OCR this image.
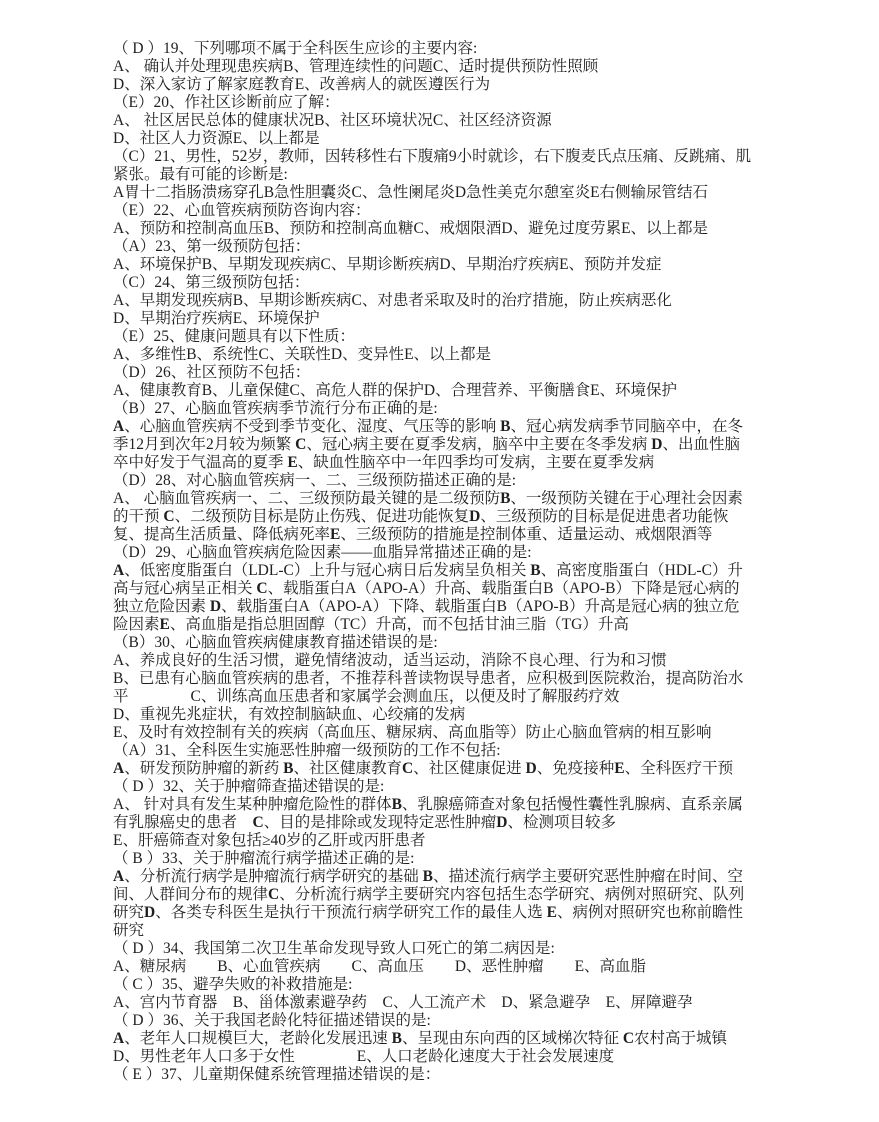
（ D ）19、下列哪项不属于全科医生应诊的主要内容:
A、 确认并处理现患疾病B、管理连续性的问题C、适时提供预防性照顾
D、深入家访了解家庭教育E、改善病人的就医遵医行为
（E）20、作社区诊断前应了解：
A、 社区居民总体的健康状况B、社区环境状况C、社区经济资源
D、社区人力资源E、以上都是
（C）21、男性，52岁，教师，因转移性右下腹痛9小时就诊，右下腹麦氏点压痛、反跳痛、肌
紧张。最有可能的诊断是:
A胃十二指肠溃疡穿孔B急性胆囊炎C、急性阑尾炎D急性美克尔憩室炎E右侧输尿管结石
（E）22、心血管疾病预防咨询内容：
A、预防和控制高血压B、预防和控制高血糖C、戒烟限酒D、避免过度劳累E、以上都是
（A）23、第一级预防包括：
A、环境保护B、早期发现疾病C、早期诊断疾病D、早期治疗疾病E、预防并发症
（C）24、第三级预防包括：
A、早期发现疾病B、早期诊断疾病C、对患者采取及时的治疗措施，防止疾病恶化
D、早期治疗疾病E、环境保护
（E）25、健康问题具有以下性质：
A、多维性B、系统性C、关联性D、变异性E、以上都是
（D）26、社区预防不包括：
A、健康教育B、儿童保健C、高危人群的保护D、合理营养、平衡膳食E、环境保护
（B）27、心脑血管疾病季节流行分布正确的是:
A、心脑血管疾病不受到季节变化、湿度、气压等的影响 B、冠心病发病季节同脑卒中，在冬
季12月到次年2月较为频繁 C、冠心病主要在夏季发病，脑卒中主要在冬季发病 D、出血性脑
卒中好发于气温高的夏季 E、缺血性脑卒中一年四季均可发病，主要在夏季发病
（D）28、对心脑血管疾病一、二、三级预防描述正确的是:
A、 心脑血管疾病一、二、三级预防最关键的是二级预防B、一级预防关键在于心理社会因素
的干预 C、二级预防目标是防止伤残、促进功能恢复D、三级预防的目标是促进患者功能恢
复、提高生活质量、降低病死率E、三级预防的措施是控制体重、适量运动、戒烟限酒等
（D）29、心脑血管疾病危险因素——血脂异常描述正确的是:
A、低密度脂蛋白（LDL-C）上升与冠心病日后发病呈负相关 B、高密度脂蛋白（HDL-C）升
高与冠心病呈正相关 C、载脂蛋白A（APO-A）升高、载脂蛋白B（APO-B）下降是冠心病的
独立危险因素 D、载脂蛋白A（APO-A）下降、载脂蛋白B（APO-B）升高是冠心病的独立危
险因素E、高血脂是指总胆固醇（TC）升高，而不包括甘油三脂（TG）升高
（B）30、心脑血管疾病健康教育描述错误的是:
A、养成良好的生活习惯，避免情绪波动，适当运动，消除不良心理、行为和习惯
B、已患有心脑血管疾病的患者，不推荐科普读物误导患者，应积极到医院救治，提高防治水
平　　　　C、训练高血压患者和家属学会测血压，以便及时了解服药疗效
D、重视先兆症状，有效控制脑缺血、心绞痛的发病
E、及时有效控制有关的疾病（高血压、糖尿病、高血脂等）防止心脑血管病的相互影响
（A）31、全科医生实施恶性肿瘤一级预防的工作不包括:
A、研发预防肿瘤的新药 B、社区健康教育C、社区健康促进 D、免疫接种E、全科医疗干预
（ D ）32、关于肿瘤筛查描述错误的是:
A、 针对具有发生某种肿瘤危险性的群体B、乳腺癌筛查对象包括慢性囊性乳腺病、直系亲属
有乳腺癌史的患者　C、目的是排除或发现特定恶性肿瘤D、检测项目较多
E、肝癌筛查对象包括≥40岁的乙肝或丙肝患者
（ B ）33、关于肿瘤流行病学描述正确的是:
A、分析流行病学是肿瘤流行病学研究的基础 B、描述流行病学主要研究恶性肿瘤在时间、空
间、人群间分布的规律C、分析流行病学主要研究内容包括生态学研究、病例对照研究、队列
研究D、各类专科医生是执行干预流行病学研究工作的最佳人选 E、病例对照研究也称前瞻性
研究
（ D ）34、我国第二次卫生革命发现导致人口死亡的第二病因是:
A、糖尿病　　B、心血管疾病　　C、高血压　　D、恶性肿瘤　　E、高血脂
（ C ）35、避孕失败的补救措施是:
A、宫内节育器　B、甾体激素避孕药　C、人工流产术　D、紧急避孕　E、屏障避孕
（ D ）36、关于我国老龄化特征描述错误的是:
A、老年人口规模巨大，老龄化发展迅速 B、呈现由东向西的区域梯次特征 C农村高于城镇
D、男性老年人口多于女性　　　　E、人口老龄化速度大于社会发展速度
（ E ）37、儿童期保健系统管理描述错误的是：
